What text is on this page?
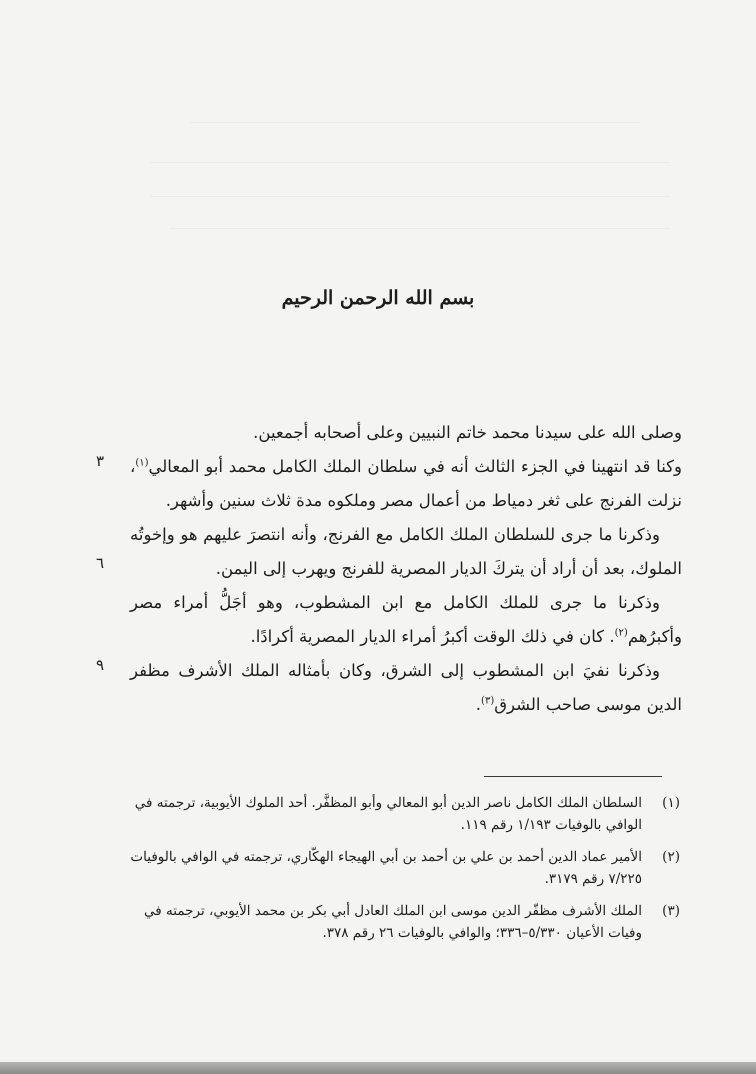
بسم الله الرحمن الرحيم

وصلى الله على سيدنا محمد خاتم النبيين وعلى أصحابه أجمعين.

وكنا قد انتهينا في الجزء الثالث أنه في سلطان الملك الكامل محمد أبو المعالي$^{(١)}$، نزلت الفرنج على ثغر دمياط من أعمال مصر وملكوه مدة ثلاث سنين وأشهر.

وذكرنا ما جرى للسلطان الملك الكامل مع الفرنج، وأنه انتصرَ عليهم هو وإخوتُه الملوك، بعد أن أراد أن يتركَ الديار المصرية للفرنج ويهرب إلى اليمن.

وذكرنا ما جرى للملك الكامل مع ابن المشطوب، وهو أجَلُّ أمراء مصر وأكبرُهم$^{(٢)}$. كان في ذلك الوقت أكبرُ أمراء الديار المصرية أكرادًا.

وذكرنا نفيَ ابن المشطوب إلى الشرق، وكان بأمثاله الملك الأشرف مظفر الدين موسى صاحب الشرق$^{(٣)}$.

٣
٦
٩
(١)
السلطان الملك الكامل ناصر الدين أبو المعالي وأبو المظفَّر. أحد الملوك الأيوبية، ترجمته في الوافي بالوفيات ١/١٩٣ رقم ١١٩.
(٢)
الأمير عماد الدين أحمد بن علي بن أحمد بن أبي الهيجاء الهكّاري، ترجمته في الوافي بالوفيات ٧/٢٢٥ رقم ٣١٧٩.
(٣)
الملك الأشرف مظفّر الدين موسى ابن الملك العادل أبي بكر بن محمد الأيوبي، ترجمته في وفيات الأعيان ٥/٣٣٠–٣٣٦؛ والوافي بالوفيات ٢٦ رقم ٣٧٨.
